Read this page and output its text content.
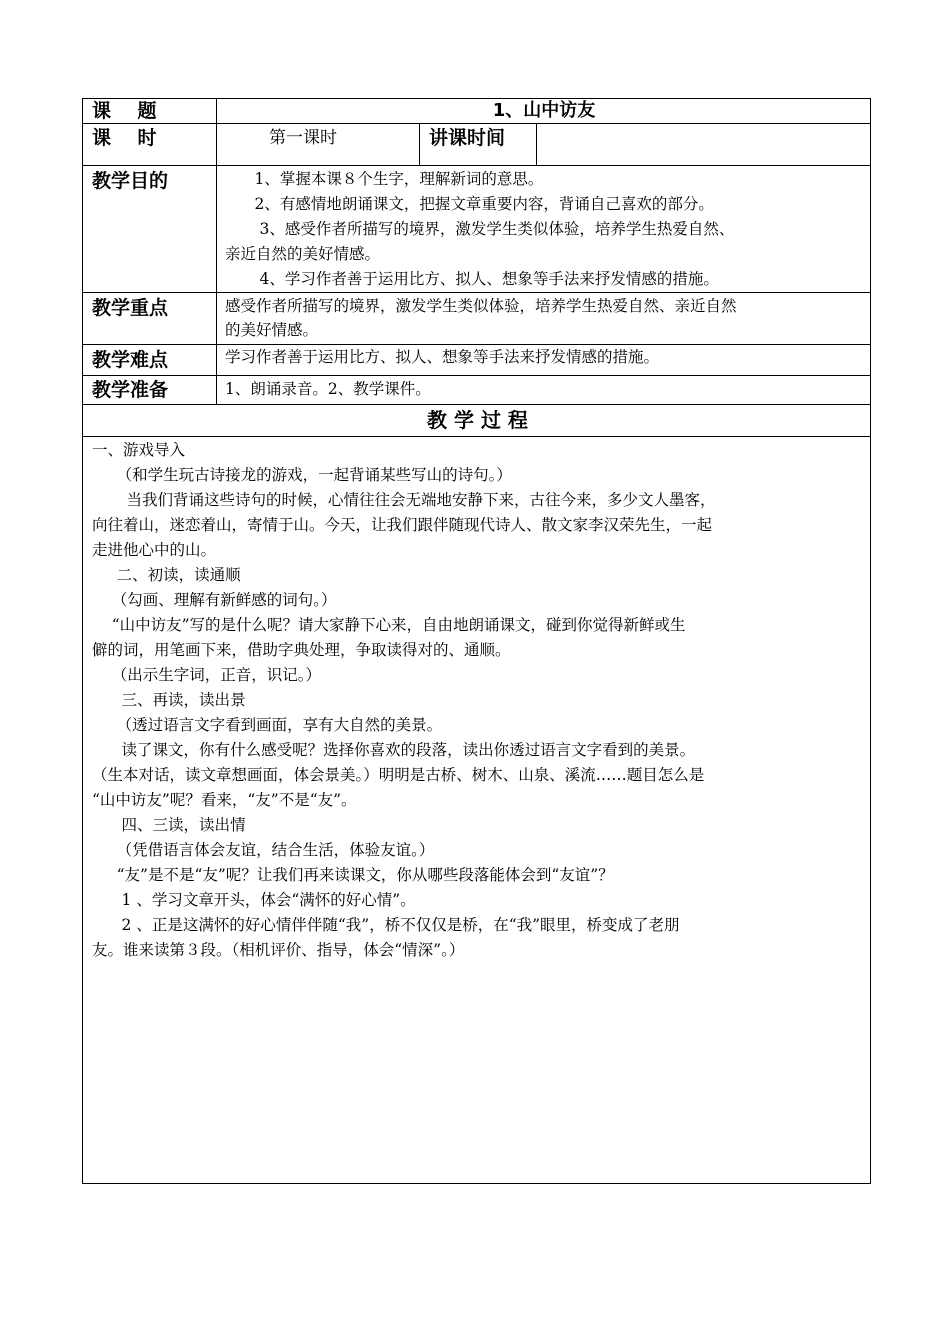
课    题	1、山中访友
课    时	第一课时	讲课时间
教学目的	1、掌握本课８个生字，理解新词的意思。
2、有感情地朗诵课文，把握文章重要内容，背诵自己喜欢的部分。
3、感受作者所描写的境界，激发学生类似体验，培养学生热爱自然、
亲近自然的美好情感。
4、学习作者善于运用比方、拟人、想象等手法来抒发情感的措施。
教学重点	感受作者所描写的境界，激发学生类似体验，培养学生热爱自然、亲近自然
的美好情感。
教学难点	学习作者善于运用比方、拟人、想象等手法来抒发情感的措施。
教学准备	1、朗诵录音。2、教学课件。
教 学 过 程
一、游戏导入
（和学生玩古诗接龙的游戏，一起背诵某些写山的诗句。）
当我们背诵这些诗句的时候，心情往往会无端地安静下来，古往今来，多少文人墨客，
向往着山，迷恋着山，寄情于山。今天，让我们跟伴随现代诗人、散文家李汉荣先生，一起
走进他心中的山。
二、初读，读通顺
（勾画、理解有新鲜感的词句。）
“山中访友”写的是什么呢？请大家静下心来，自由地朗诵课文，碰到你觉得新鲜或生
僻的词，用笔画下来，借助字典处理，争取读得对的、通顺。
（出示生字词，正音，识记。）
三、再读，读出景
（透过语言文字看到画面，享有大自然的美景。
读了课文，你有什么感受呢？选择你喜欢的段落，读出你透过语言文字看到的美景。
（生本对话，读文章想画面，体会景美。）明明是古桥、树木、山泉、溪流……题目怎么是
“山中访友”呢？看来，“友”不是“友”。
四、三读，读出情
（凭借语言体会友谊，结合生活，体验友谊。）
“友”是不是“友”呢？让我们再来读课文，你从哪些段落能体会到“友谊”？
1 、学习文章开头，体会“满怀的好心情”。
2 、正是这满怀的好心情伴伴随“我”，桥不仅仅是桥，在“我”眼里，桥变成了老朋
友。谁来读第３段。（相机评价、指导，体会“情深”。）
